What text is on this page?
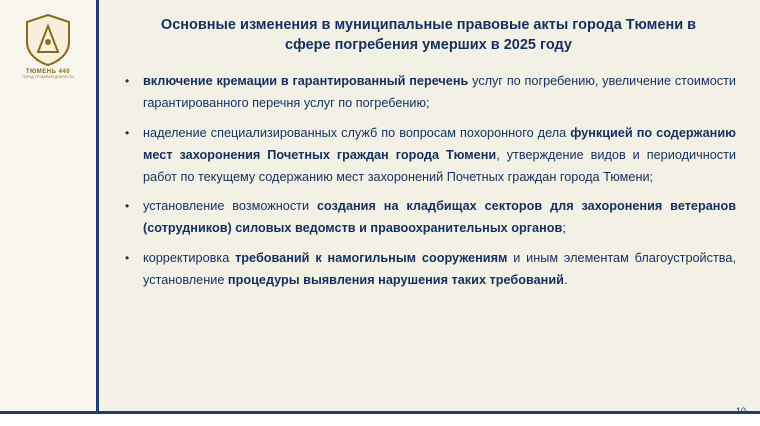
ТЮМЕНЬ 440
ГОРОД ТРУДОВОЙ ДОБЛЕСТИ
Основные изменения в муниципальные правовые акты города Тюмени в сфере погребения умерших в 2025 году
• включение кремации в гарантированный перечень услуг по погребению, увеличение стоимости гарантированного перечня услуг по погребению;
• наделение специализированных служб по вопросам похоронного дела функцией по содержанию мест захоронения Почетных граждан города Тюмени, утверждение видов и периодичности работ по текущему содержанию мест захоронений Почетных граждан города Тюмени;
• установление возможности создания на кладбищах секторов для захоронения ветеранов (сотрудников) силовых ведомств и правоохранительных органов;
• корректировка требований к намогильным сооружениям и иным элементам благоустройства, установление процедуры выявления нарушения таких требований.
